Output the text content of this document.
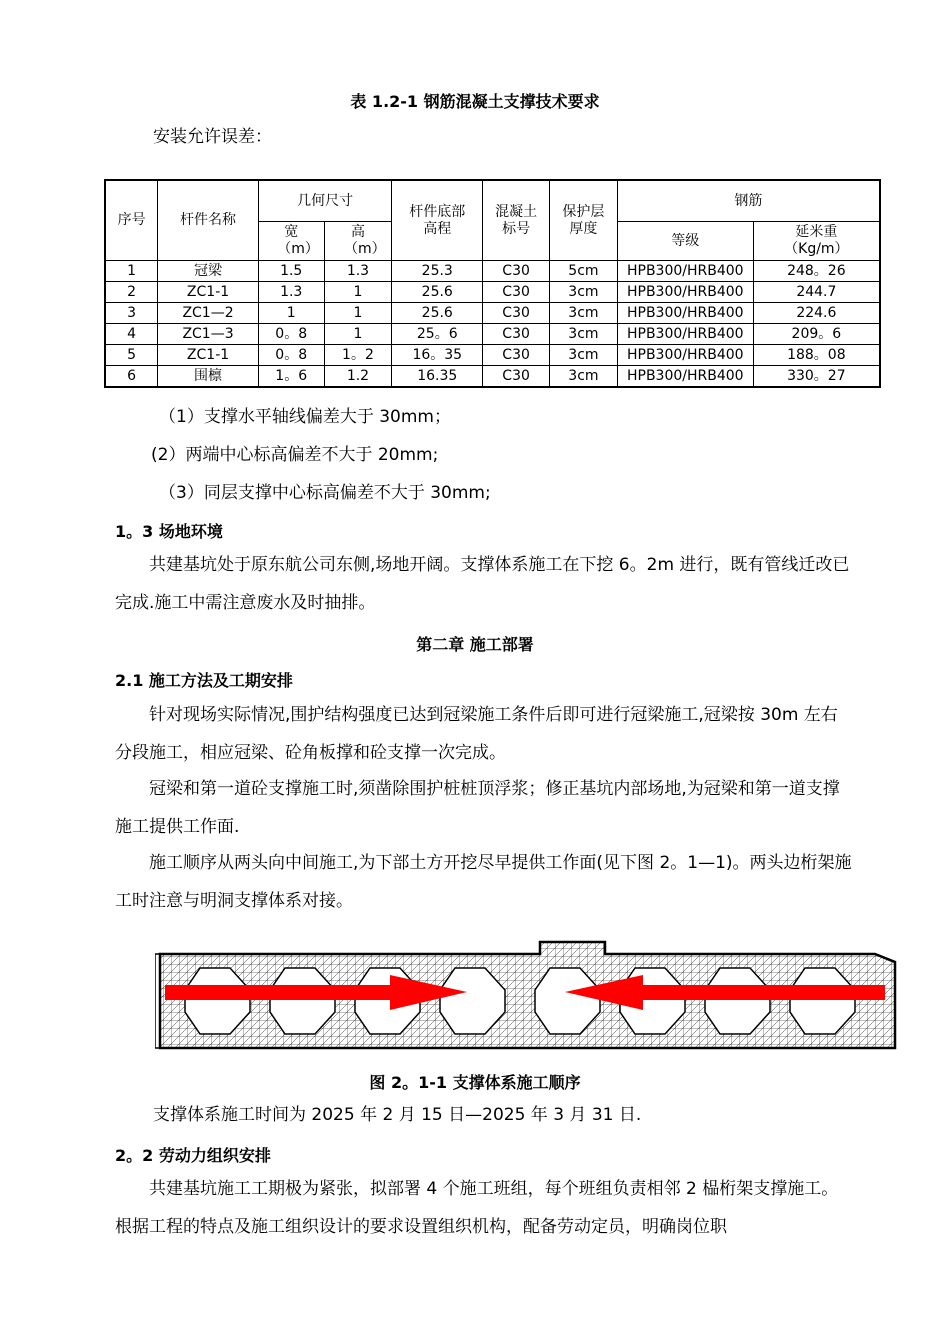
表 1.2-1 钢筋混凝土支撑技术要求
安装允许误差：
序号	杆件名称	几何尺寸		杆件底部高程	混凝土标号	保护层厚度	钢筋	

		宽（m）	高（m）				等级	延米重（Kg/m）

1	冠梁	1.5	1.3	25.3	C30	5cm	HPB300/HRB400	248。26
2	ZC1-1	1.3	1	25.6	C30	3cm	HPB300/HRB400	244.7
3	ZC1—2	1	1	25.6	C30	3cm	HPB300/HRB400	224.6
4	ZC1—3	0。8	1	25。6	C30	3cm	HPB300/HRB400	209。6
5	ZC1-1	0。8	1。2	16。35	C30	3cm	HPB300/HRB400	188。08
6	围檩	1。6	1.2	16.35	C30	3cm	HPB300/HRB400	330。27
（1）支撑水平轴线偏差大于 30mm；
(2）两端中心标高偏差不大于 20mm;
（3）同层支撑中心标高偏差不大于 30mm;
1。3 场地环境
共建基坑处于原东航公司东侧,场地开阔。支撑体系施工在下挖 6。2m 进行，既有管线迁改已完成.施工中需注意废水及时抽排。
第二章 施工部署
2.1 施工方法及工期安排
针对现场实际情况,围护结构强度已达到冠梁施工条件后即可进行冠梁施工,冠梁按 30m 左右分段施工，相应冠梁、砼角板撑和砼支撑一次完成。
冠梁和第一道砼支撑施工时,须凿除围护桩桩顶浮浆；修正基坑内部场地,为冠梁和第一道支撑施工提供工作面.
施工顺序从两头向中间施工,为下部土方开挖尽早提供工作面(见下图 2。1—1)。两头边桁架施工时注意与明洞支撑体系对接。
图 2。1-1 支撑体系施工顺序
支撑体系施工时间为 2025 年 2 月 15 日—2025 年 3 月 31 日.
2。2 劳动力组织安排
共建基坑施工工期极为紧张，拟部署 4 个施工班组，每个班组负责相邻 2 榀桁架支撑施工。根据工程的特点及施工组织设计的要求设置组织机构，配备劳动定员，明确岗位职
